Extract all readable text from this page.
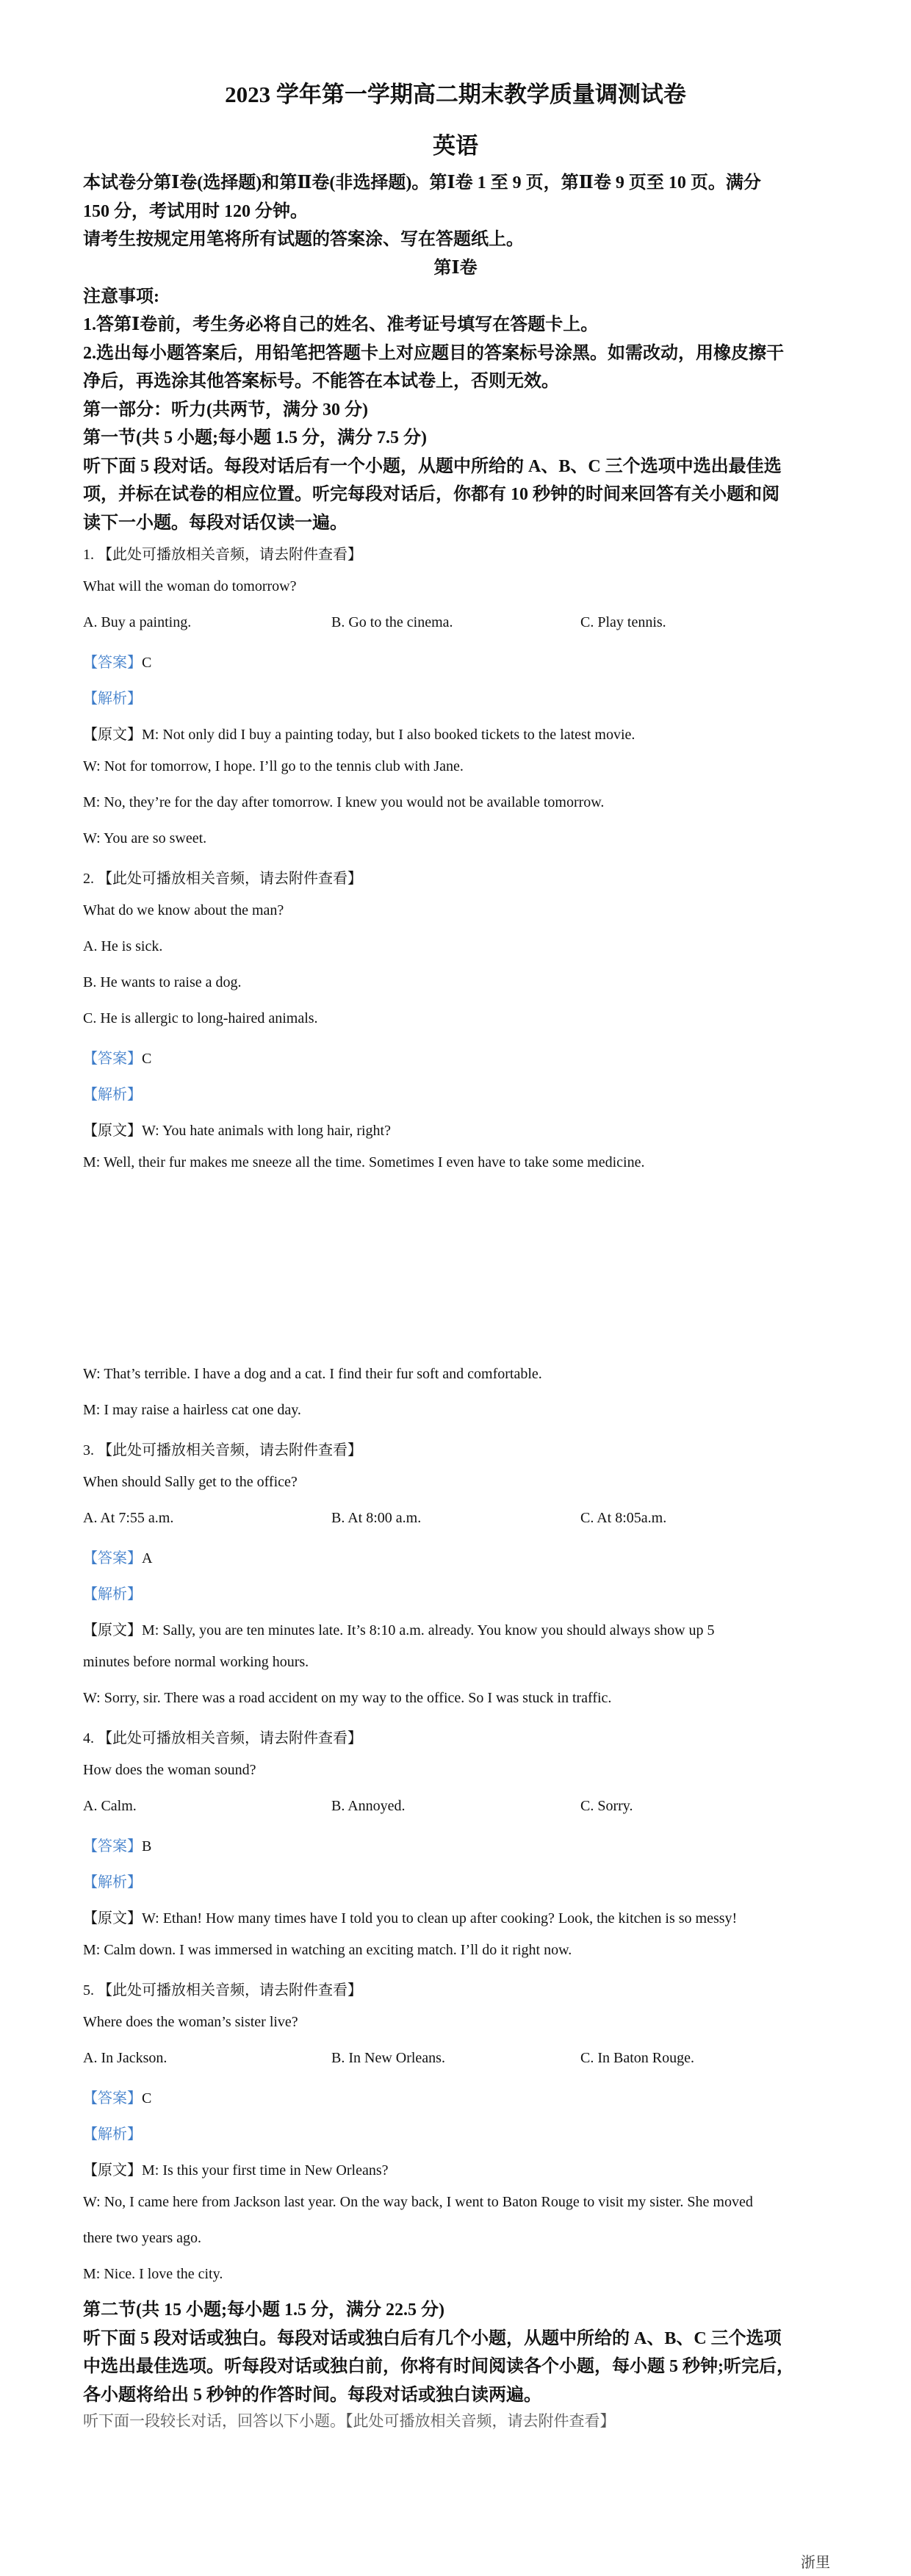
2023 学年第一学期高二期末教学质量调测试卷

英语

本试卷分第Ⅰ卷(选择题)和第Ⅱ卷(非选择题)。第Ⅰ卷 1 至 9 页，第Ⅱ卷 9 页至 10 页。满分

150 分，考试用时 120 分钟。

请考生按规定用笔将所有试题的答案涂、写在答题纸上。

第Ⅰ卷

注意事项:

1.答第Ⅰ卷前，考生务必将自己的姓名、准考证号填写在答题卡上。

2.选出每小题答案后，用铅笔把答题卡上对应题目的答案标号涂黑。如需改动，用橡皮擦干

净后，再选涂其他答案标号。不能答在本试卷上，否则无效。

第一部分：听力(共两节，满分 30 分)

第一节(共 5 小题;每小题 1.5 分，满分 7.5 分)

听下面 5 段对话。每段对话后有一个小题，从题中所给的 A、B、C 三个选项中选出最佳选

项，并标在试卷的相应位置。听完每段对话后，你都有 10 秒钟的时间来回答有关小题和阅

读下一小题。每段对话仅读一遍。

1. 【此处可播放相关音频，请去附件查看】

What will the woman do tomorrow?

A. Buy a painting.	B. Go to the cinema.	C. Play tennis.

【答案】C

【解析】

【原文】M: Not only did I buy a painting today, but I also booked tickets to the latest movie.

W: Not for tomorrow, I hope. I’ll go to the tennis club with Jane.

M: No, they’re for the day after tomorrow. I knew you would not be available tomorrow.

W: You are so sweet.

2. 【此处可播放相关音频，请去附件查看】

What do we know about the man?

A. He is sick.

B. He wants to raise a dog.

C. He is allergic to long-haired animals.

【答案】C

【解析】

【原文】W: You hate animals with long hair, right?

M: Well, their fur makes me sneeze all the time. Sometimes I even have to take some medicine.

W: That’s terrible. I have a dog and a cat. I find their fur soft and comfortable.

M: I may raise a hairless cat one day.

3. 【此处可播放相关音频，请去附件查看】

When should Sally get to the office?

A. At 7:55 a.m.	B. At 8:00 a.m.	C. At 8:05a.m.

【答案】A

【解析】

【原文】M: Sally, you are ten minutes late. It’s 8:10 a.m. already. You know you should always show up 5

minutes before normal working hours.

W: Sorry, sir. There was a road accident on my way to the office. So I was stuck in traffic.

4. 【此处可播放相关音频，请去附件查看】

How does the woman sound?

A. Calm.	B. Annoyed.	C. Sorry.

【答案】B

【解析】

【原文】W: Ethan! How many times have I told you to clean up after cooking? Look, the kitchen is so messy!

M: Calm down. I was immersed in watching an exciting match. I’ll do it right now.

5. 【此处可播放相关音频，请去附件查看】

Where does the woman’s sister live?

A. In Jackson.	B. In New Orleans.	C. In Baton Rouge.

【答案】C

【解析】

【原文】M: Is this your first time in New Orleans?

W: No, I came here from Jackson last year. On the way back, I went to Baton Rouge to visit my sister. She moved

there two years ago.

M: Nice. I love the city.

第二节(共 15 小题;每小题 1.5 分，满分 22.5 分)

听下面 5 段对话或独白。每段对话或独白后有几个小题，从题中所给的 A、B、C 三个选项

中选出最佳选项。听每段对话或独白前，你将有时间阅读各个小题，每小题 5 秒钟;听完后，

各小题将给出 5 秒钟的作答时间。每段对话或独白读两遍。

听下面一段较长对话，回答以下小题。【此处可播放相关音频，请去附件查看】

浙里
